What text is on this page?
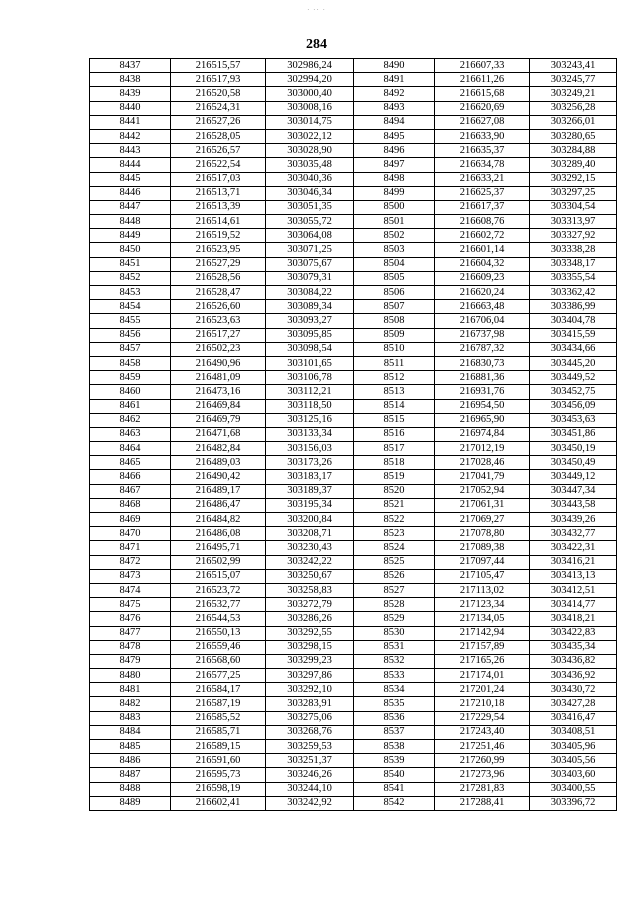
· ·· ·
284
8437	216515,57	302986,24	8490	216607,33	303243,41
8438	216517,93	302994,20	8491	216611,26	303245,77
8439	216520,58	303000,40	8492	216615,68	303249,21
8440	216524,31	303008,16	8493	216620,69	303256,28
8441	216527,26	303014,75	8494	216627,08	303266,01
8442	216528,05	303022,12	8495	216633,90	303280,65
8443	216526,57	303028,90	8496	216635,37	303284,88
8444	216522,54	303035,48	8497	216634,78	303289,40
8445	216517,03	303040,36	8498	216633,21	303292,15
8446	216513,71	303046,34	8499	216625,37	303297,25
8447	216513,39	303051,35	8500	216617,37	303304,54
8448	216514,61	303055,72	8501	216608,76	303313,97
8449	216519,52	303064,08	8502	216602,72	303327,92
8450	216523,95	303071,25	8503	216601,14	303338,28
8451	216527,29	303075,67	8504	216604,32	303348,17
8452	216528,56	303079,31	8505	216609,23	303355,54
8453	216528,47	303084,22	8506	216620,24	303362,42
8454	216526,60	303089,34	8507	216663,48	303386,99
8455	216523,63	303093,27	8508	216706,04	303404,78
8456	216517,27	303095,85	8509	216737,98	303415,59
8457	216502,23	303098,54	8510	216787,32	303434,66
8458	216490,96	303101,65	8511	216830,73	303445,20
8459	216481,09	303106,78	8512	216881,36	303449,52
8460	216473,16	303112,21	8513	216931,76	303452,75
8461	216469,84	303118,50	8514	216954,50	303456,09
8462	216469,79	303125,16	8515	216965,90	303453,63
8463	216471,68	303133,34	8516	216974,84	303451,86
8464	216482,84	303156,03	8517	217012,19	303450,19
8465	216489,03	303173,26	8518	217028,46	303450,49
8466	216490,42	303183,17	8519	217041,79	303449,12
8467	216489,17	303189,37	8520	217052,94	303447,34
8468	216486,47	303195,34	8521	217061,31	303443,58
8469	216484,82	303200,84	8522	217069,27	303439,26
8470	216486,08	303208,71	8523	217078,80	303432,77
8471	216495,71	303230,43	8524	217089,38	303422,31
8472	216502,99	303242,22	8525	217097,44	303416,21
8473	216515,07	303250,67	8526	217105,47	303413,13
8474	216523,72	303258,83	8527	217113,02	303412,51
8475	216532,77	303272,79	8528	217123,34	303414,77
8476	216544,53	303286,26	8529	217134,05	303418,21
8477	216550,13	303292,55	8530	217142,94	303422,83
8478	216559,46	303298,15	8531	217157,89	303435,34
8479	216568,60	303299,23	8532	217165,26	303436,82
8480	216577,25	303297,86	8533	217174,01	303436,92
8481	216584,17	303292,10	8534	217201,24	303430,72
8482	216587,19	303283,91	8535	217210,18	303427,28
8483	216585,52	303275,06	8536	217229,54	303416,47
8484	216585,71	303268,76	8537	217243,40	303408,51
8485	216589,15	303259,53	8538	217251,46	303405,96
8486	216591,60	303251,37	8539	217260,99	303405,56
8487	216595,73	303246,26	8540	217273,96	303403,60
8488	216598,19	303244,10	8541	217281,83	303400,55
8489	216602,41	303242,92	8542	217288,41	303396,72
